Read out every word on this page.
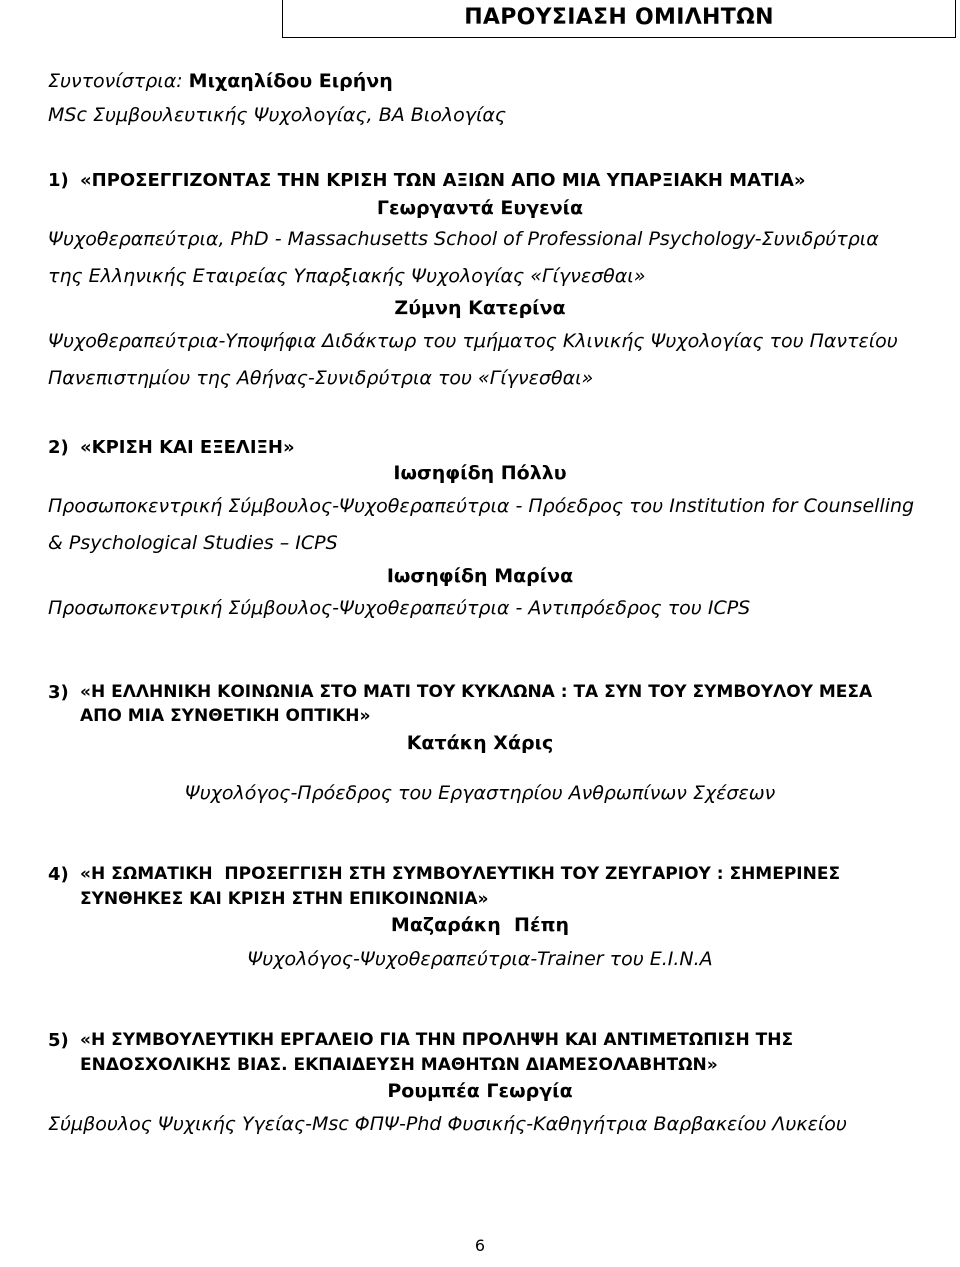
ΠΑΡΟΥΣΙΑΣΗ ΟΜΙΛΗΤΩΝ
Συντονίστρια: Μιχαηλίδου Ειρήνη
MSc Συμβουλευτικής Ψυχολογίας, BA Βιολογίας
1) «ΠΡΟΣΕΓΓΙΖΟΝΤΑΣ ΤΗΝ ΚΡΙΣΗ ΤΩΝ ΑΞΙΩΝ ΑΠΟ ΜΙΑ ΥΠΑΡΞΙΑΚΗ ΜΑΤΙΑ»
Γεωργαντά Ευγενία
Ψυχοθεραπεύτρια, PhD - Massachusetts School of Professional Psychology-Συνιδρύτρια
της Ελληνικής Εταιρείας Υπαρξιακής Ψυχολογίας «Γίγνεσθαι»
Ζύμνη Κατερίνα
Ψυχοθεραπεύτρια-Υποψήφια Διδάκτωρ του τμήματος Κλινικής Ψυχολογίας του Παντείου
Πανεπιστημίου της Αθήνας-Συνιδρύτρια του «Γίγνεσθαι»
2) «ΚΡΙΣΗ ΚΑΙ ΕΞΕΛΙΞΗ»
Ιωσηφίδη Πόλλυ
Προσωποκεντρική Σύμβουλος-Ψυχοθεραπεύτρια - Πρόεδρος του Institution for Counselling
& Psychological Studies – ICPS
Ιωσηφίδη Μαρίνα
Προσωποκεντρική Σύμβουλος-Ψυχοθεραπεύτρια - Αντιπρόεδρος του ICPS
3) «Η ΕΛΛΗΝΙΚΗ ΚΟΙΝΩΝΙΑ ΣΤΟ ΜΑΤΙ ΤΟΥ ΚΥΚΛΩΝΑ : ΤΑ ΣΥΝ ΤΟΥ ΣΥΜΒΟΥΛΟΥ ΜΕΣΑ
ΑΠΟ ΜΙΑ ΣΥΝΘΕΤΙΚΗ ΟΠΤΙΚΗ»
Κατάκη Χάρις
Ψυχολόγος-Πρόεδρος του Εργαστηρίου Ανθρωπίνων Σχέσεων
4) «Η ΣΩΜΑΤΙΚΗ  ΠΡΟΣΕΓΓΙΣΗ ΣΤΗ ΣΥΜΒΟΥΛΕΥΤΙΚΗ ΤΟΥ ΖΕΥΓΑΡΙΟΥ : ΣΗΜΕΡΙΝΕΣ
ΣΥΝΘΗΚΕΣ ΚΑΙ ΚΡΙΣΗ ΣΤΗΝ ΕΠΙΚΟΙΝΩΝΙΑ»
Μαζαράκη  Πέπη
Ψυχολόγος-Ψυχοθεραπεύτρια-Trainer του Ε.Ι.Ν.Α
5) «Η ΣΥΜΒΟΥΛΕΥΤΙΚΗ ΕΡΓΑΛΕΙΟ ΓΙΑ ΤΗΝ ΠΡΟΛΗΨΗ ΚΑΙ ΑΝΤΙΜΕΤΩΠΙΣΗ ΤΗΣ
ΕΝΔΟΣΧΟΛΙΚΗΣ ΒΙΑΣ. ΕΚΠΑΙΔΕΥΣΗ ΜΑΘΗΤΩΝ ΔΙΑΜΕΣΟΛΑΒΗΤΩΝ»
Ρουμπέα Γεωργία
Σύμβουλος Ψυχικής Υγείας-Msc ΦΠΨ-Phd Φυσικής-Καθηγήτρια Βαρβακείου Λυκείου
6
